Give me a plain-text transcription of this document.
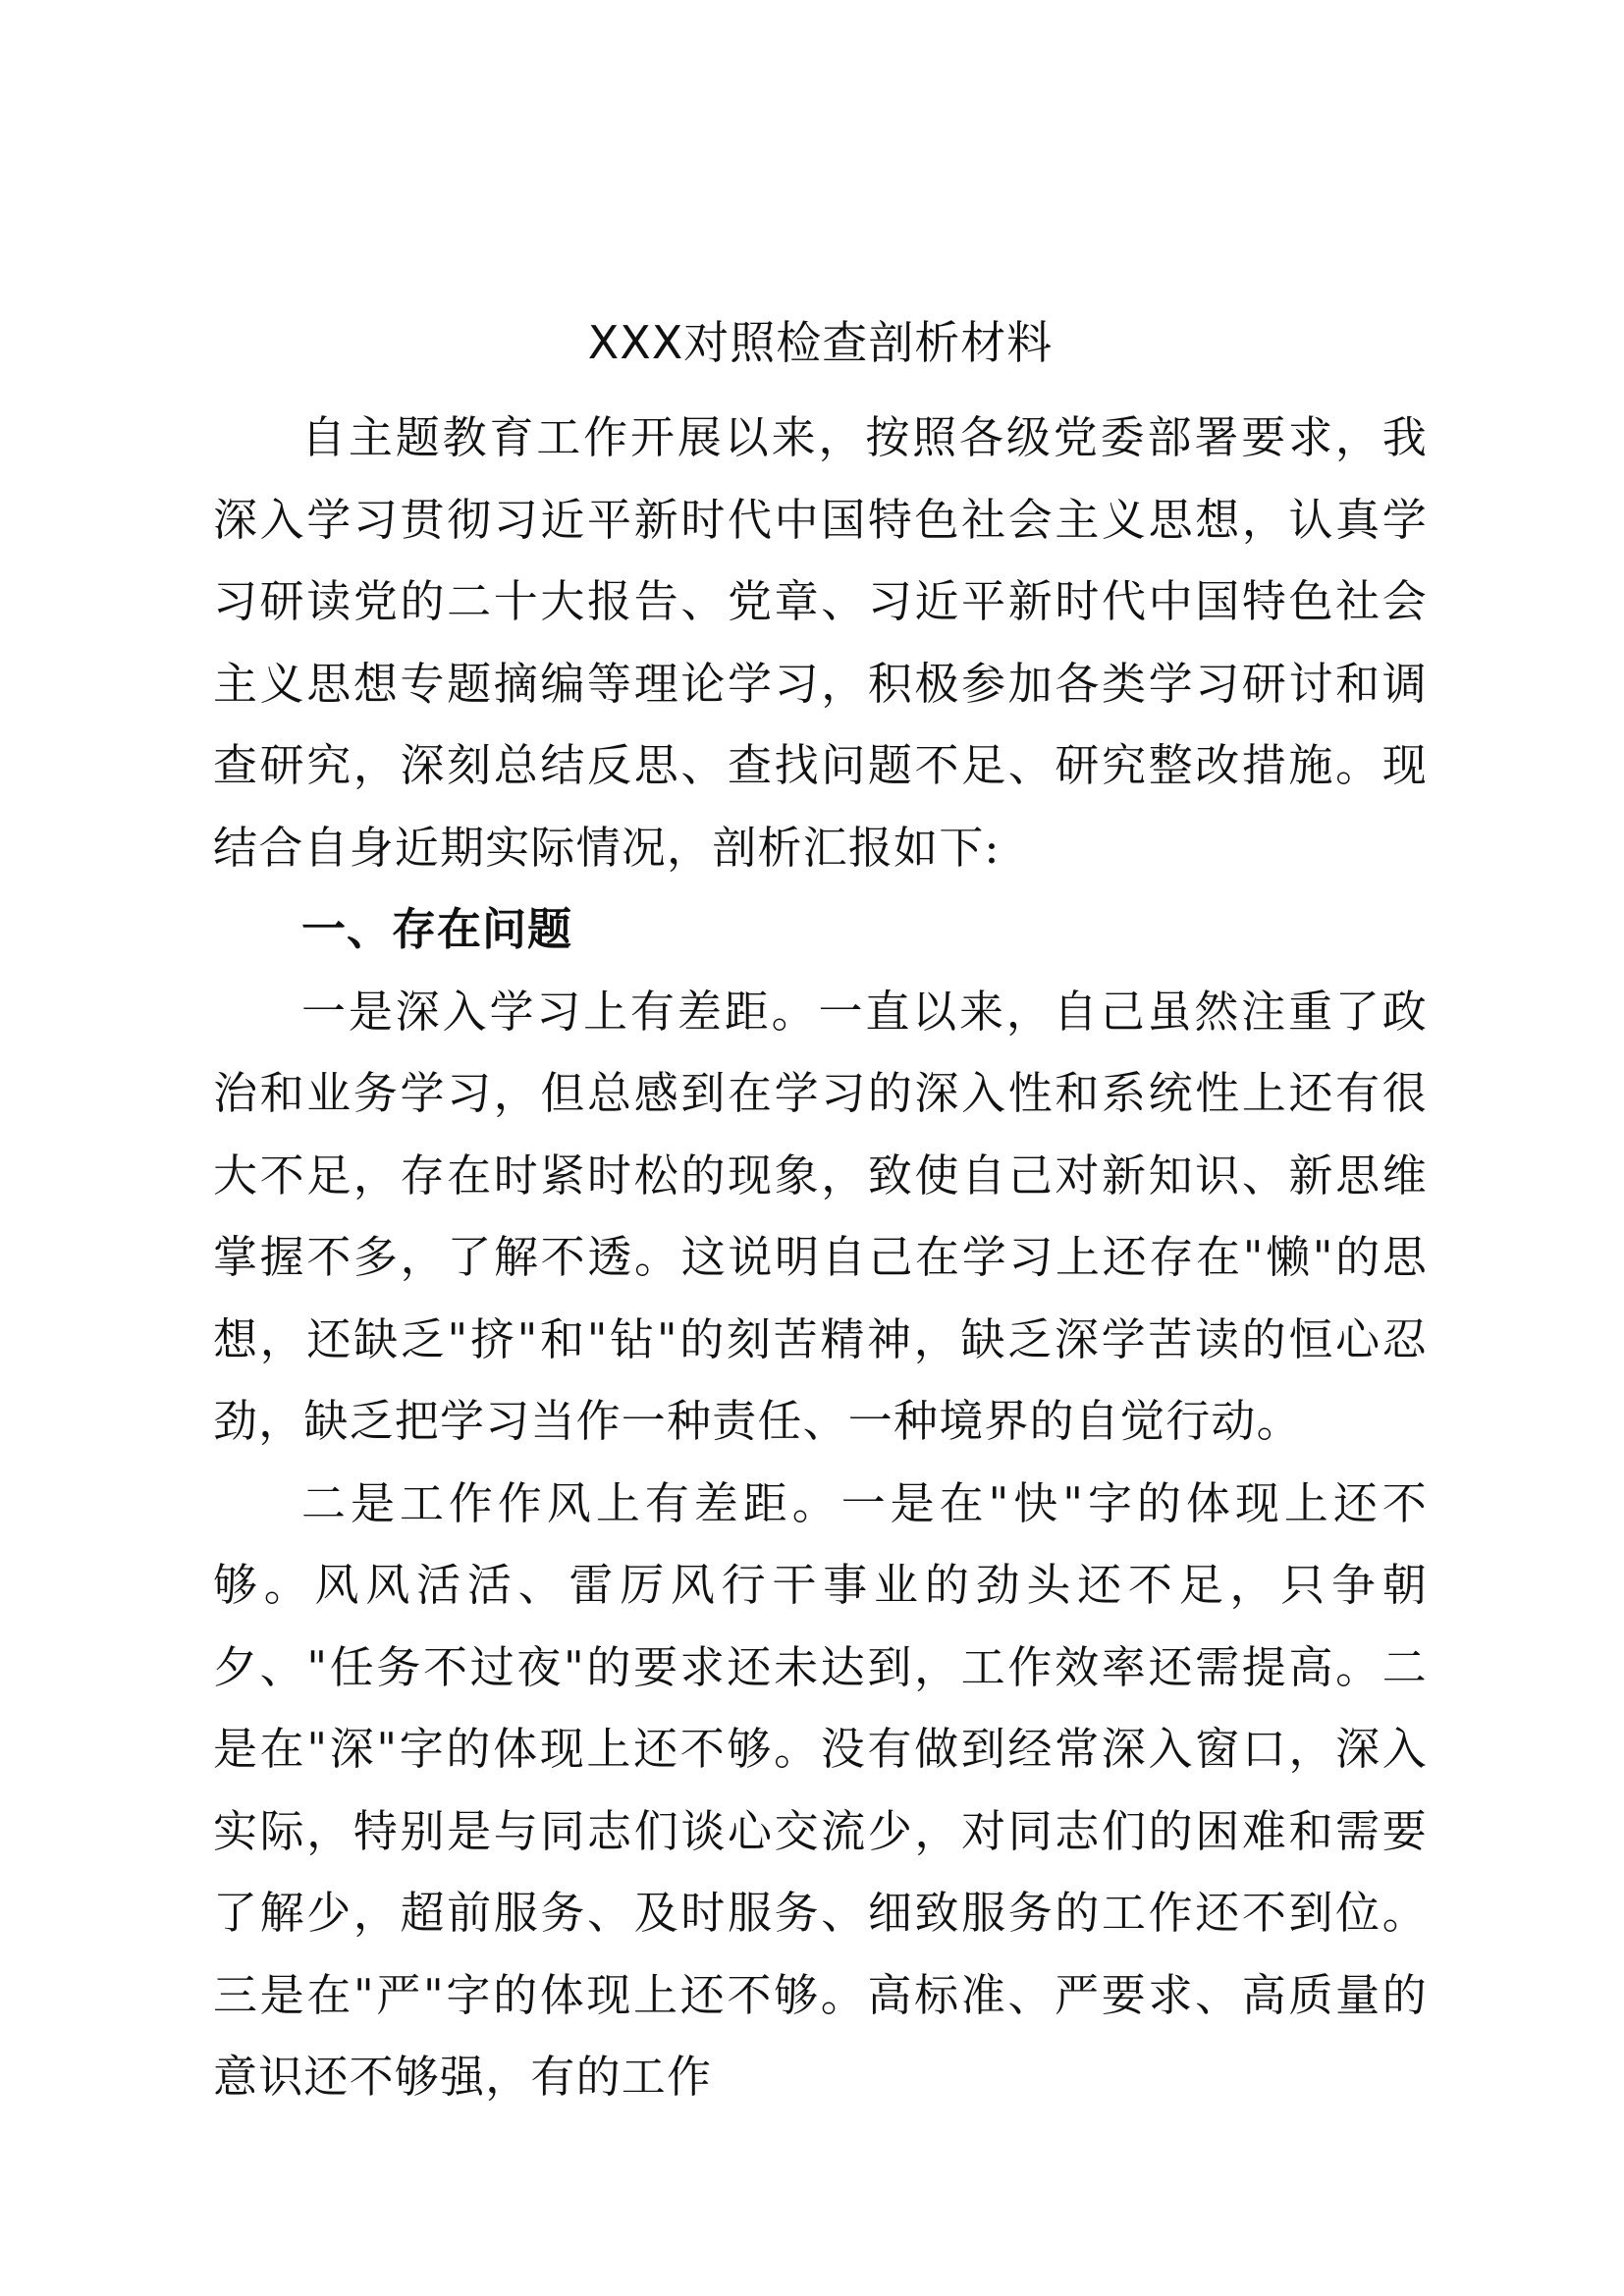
XXX对照检查剖析材料

自主题教育工作开展以来，按照各级党委部署要求，我深入学习贯彻习近平新时代中国特色社会主义思想，认真学习研读党的二十大报告、党章、习近平新时代中国特色社会主义思想专题摘编等理论学习，积极参加各类学习研讨和调查研究，深刻总结反思、查找问题不足、研究整改措施。现结合自身近期实际情况，剖析汇报如下:

一、存在问题

一是深入学习上有差距。一直以来，自己虽然注重了政治和业务学习，但总感到在学习的深入性和系统性上还有很大不足，存在时紧时松的现象，致使自己对新知识、新思维掌握不多，了解不透。这说明自己在学习上还存在"懒"的思想，还缺乏"挤"和"钻"的刻苦精神，缺乏深学苦读的恒心忍劲，缺乏把学习当作一种责任、一种境界的自觉行动。

二是工作作风上有差距。一是在"快"字的体现上还不够。风风活活、雷厉风行干事业的劲头还不足，只争朝夕、"任务不过夜"的要求还未达到，工作效率还需提高。二是在"深"字的体现上还不够。没有做到经常深入窗口，深入实际，特别是与同志们谈心交流少，对同志们的困难和需要了解少，超前服务、及时服务、细致服务的工作还不到位。三是在"严"字的体现上还不够。高标准、严要求、高质量的意识还不够强，有的工作
